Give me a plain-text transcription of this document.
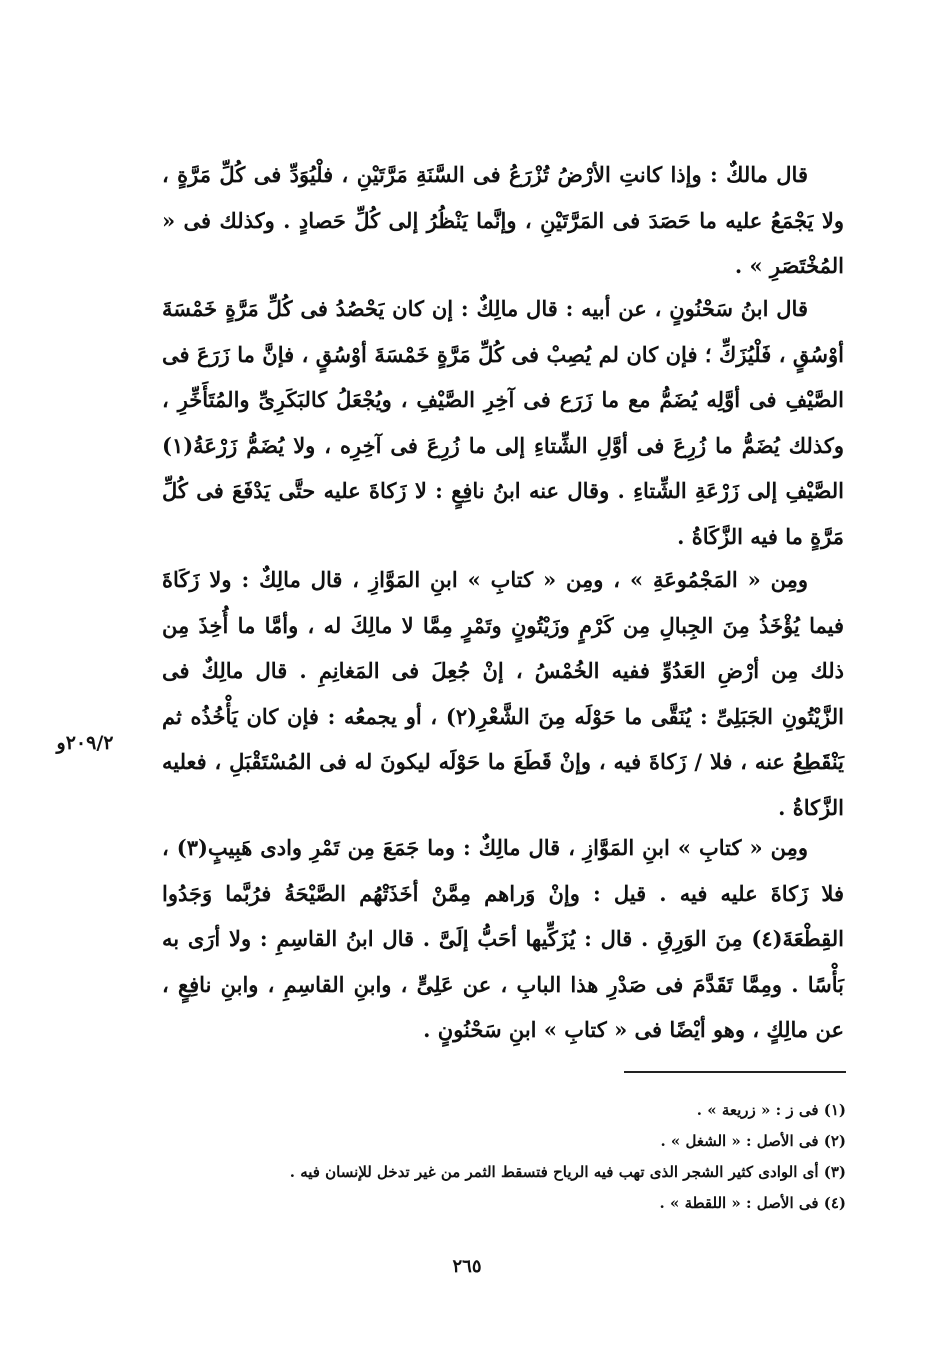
قال مالكٌ : وإذا كانتِ الأرْضُ تُزْرَعُ فى السَّنَةِ مَرَّتَيْنِ ، فلْيُوَدِّ فى كُلِّ مَرَّةٍ ، ولا يَجْمَعُ عليه ما حَصَدَ فى المَرَّتَيْنِ ، وإنَّما يَنْظُرُ إلى كُلِّ حَصادٍ . وكذلك فى « المُخْتَصَرِ » .
قال ابنُ سَحْنُونٍ ، عن أبيه : قال مالِكٌ : إن كان يَحْصُدُ فى كُلِّ مَرَّةٍ خَمْسَةَ أوْسُقٍ ، فَلْيُزَكِّ ؛ فإن كان لم يُصِبْ فى كُلِّ مَرَّةٍ خَمْسَةَ أوْسُقٍ ، فإنَّ ما زَرَعَ فى الصَّيْفِ فى أوَّلِه يُضَمُّ مع ما زَرَع فى آخِرِ الصَّيْفِ ، ويُجْعَلُ كالبَكَرِىِّ والمُتَأَخِّرِ ، وكذلك يُضَمُّ ما زُرِعَ فى أوَّلِ الشِّتاءِ إلى ما زُرِعَ فى آخِرِه ، ولا يُضَمُّ زَرْعَةُ(١) الصَّيْفِ إلى زَرْعَةِ الشِّتاءِ . وقال عنه ابنُ نافِعٍ : لا زَكاةَ عليه حتَّى يَدْفَعَ فى كُلِّ مَرَّةٍ ما فيه الزَّكَاةُ .
ومِن « المَجْمُوعَةِ » ، ومِن « كتابِ » ابنِ المَوَّازِ ، قال مالِكٌ : ولا زَكَاةَ فيما يُؤْخَذُ مِنَ الجِبالِ مِن كَرْمٍ وزَيْتُونٍ وتَمْرٍ مِمَّا لا مالِكَ له ، وأمَّا ما أُخِذَ مِن ذلك مِن أرْضِ العَدُوِّ ففيه الخُمْسُ ، إنْ جُعِلَ فى المَغانِمِ . قال مالِكٌ فى الزَّيْتُونِ الجَبَلِىِّ : يُنَقَّى ما حَوْلَه مِنَ الشَّعْرِ(٢) ، أو يجمعُه : فإن كان يَأْخُذُه ثم يَنْقَطِعُ عنه ، فلا / زَكاةَ فيه ، وإنْ قَطَعَ ما حَوْلَه ليكونَ له فى المُسْتَقْبَلِ ، فعليه الزَّكاةُ .
ومِن « كتابِ » ابنِ المَوَّازِ ، قال مالِكٌ : وما جَمَعَ مِن تَمْرِ وادى هَبِيبٍ(٣) ، فلا زَكاةَ عليه فيه . قيل : وإنْ وَراهم مِمَّنْ أخَذَتْهُم الصَّيْحَةُ فرُبَّما وَجَدُوا القِطْعَةَ(٤) مِنَ الوَرِقِ . قال : يُزَكِّيها أحَبُّ إلَىَّ . قال ابنُ القاسِمِ : ولا أرَى به بَأْسًا . ومِمَّا تَقَدَّمَ فى صَدْرِ هذا البابِ ، عن عَلِىٍّ ، وابنِ القاسِمِ ، وابنِ نافِعٍ ، عن مالِكٍ ، وهو أيْضًا فى « كتابِ » ابنِ سَحْنُونٍ .
٢٠٩/٢و
(١) فى ز : « زريعة » .
(٢) فى الأصل : « الشغل » .
(٣) أى الوادى كثير الشجر الذى تهب فيه الرياح فتسقط الثمر من غير تدخل للإنسان فيه .
(٤) فى الأصل : « اللقطة » .
٢٦٥
